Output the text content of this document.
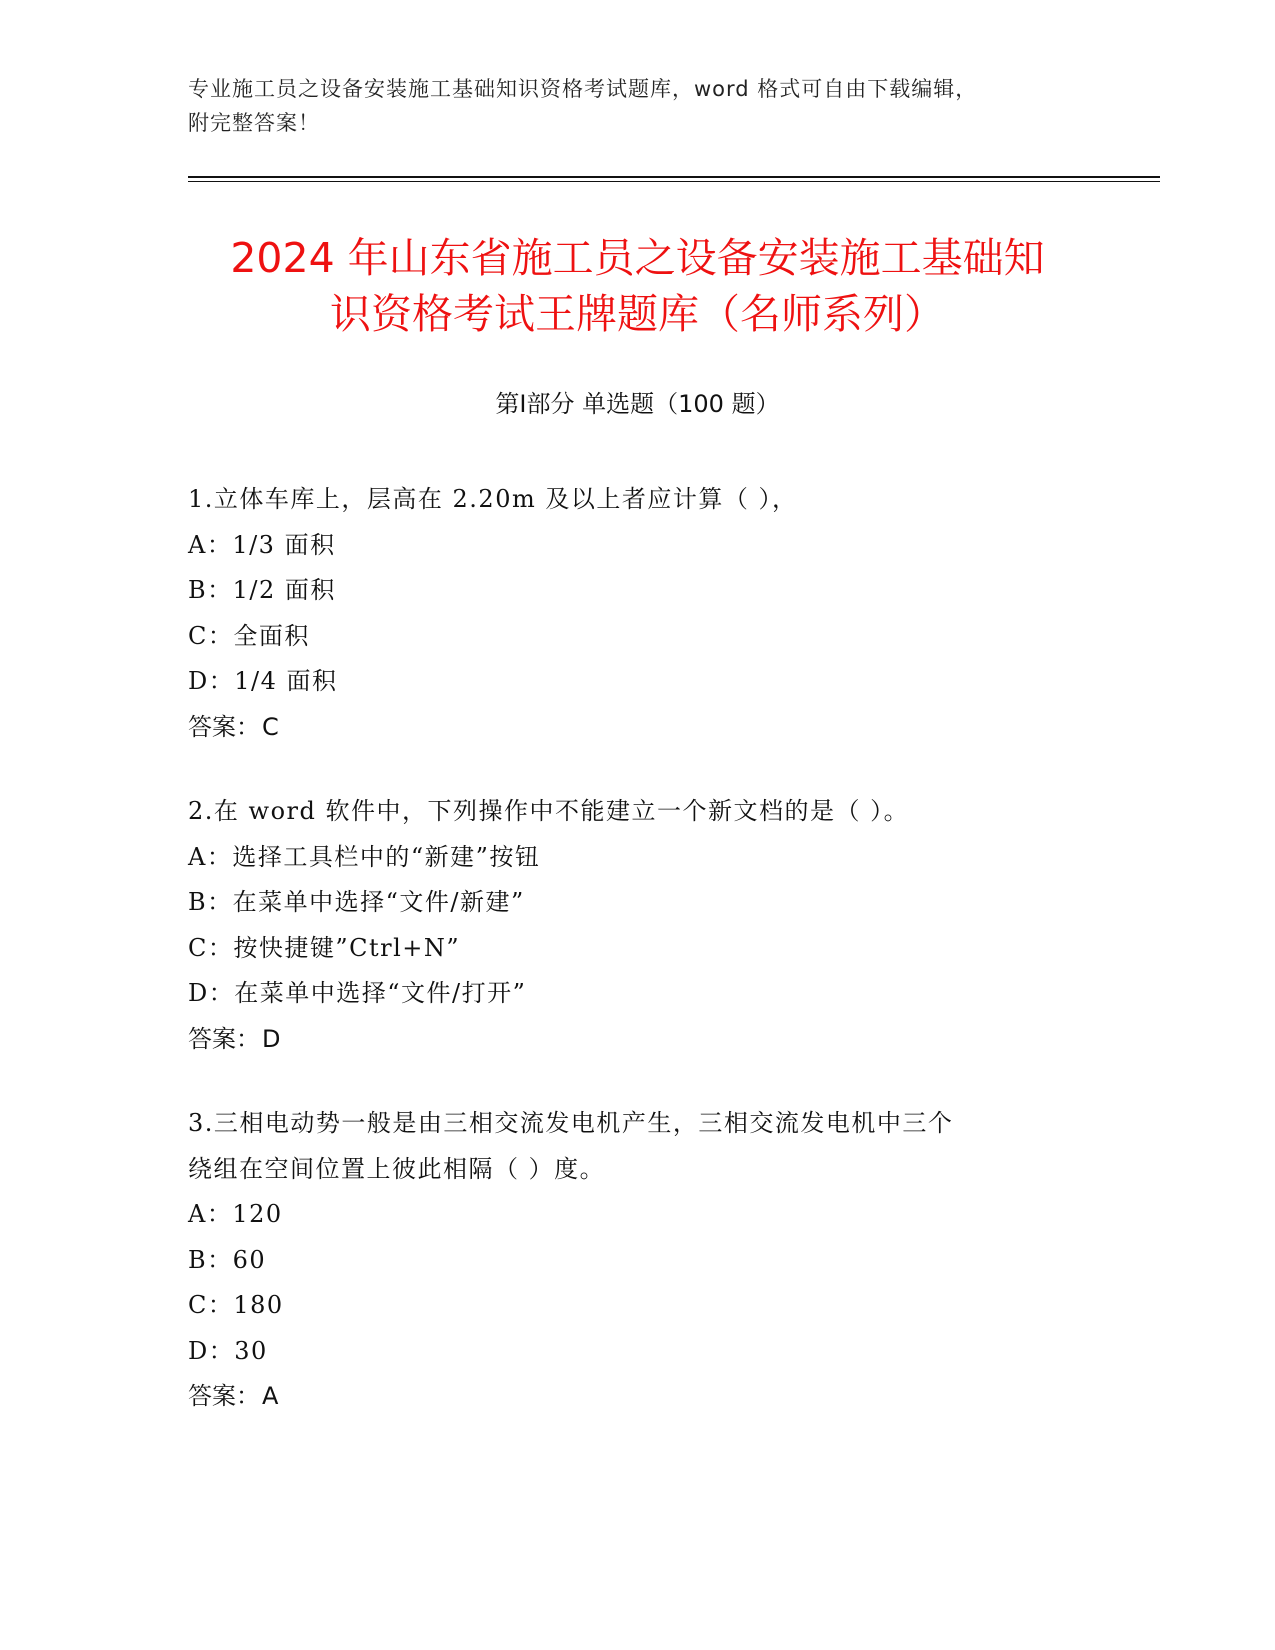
专业施工员之设备安装施工基础知识资格考试题库，word 格式可自由下载编辑，
附完整答案！
2024 年山东省施工员之设备安装施工基础知
识资格考试王牌题库（名师系列）
第Ⅰ部分 单选题（100 题）
1.立体车库上，层高在 2.20m 及以上者应计算（ ），
A：1/3 面积
B：1/2 面积
C：全面积
D：1/4 面积
答案：C
2.在 word 软件中，下列操作中不能建立一个新文档的是（ ）。
A：选择工具栏中的“新建”按钮
B：在菜单中选择“文件/新建”
C：按快捷键”Ctrl+N”
D：在菜单中选择“文件/打开”
答案：D
3.三相电动势一般是由三相交流发电机产生，三相交流发电机中三个
绕组在空间位置上彼此相隔（ ）度。
A：120
B：60
C：180
D：30
答案：A
